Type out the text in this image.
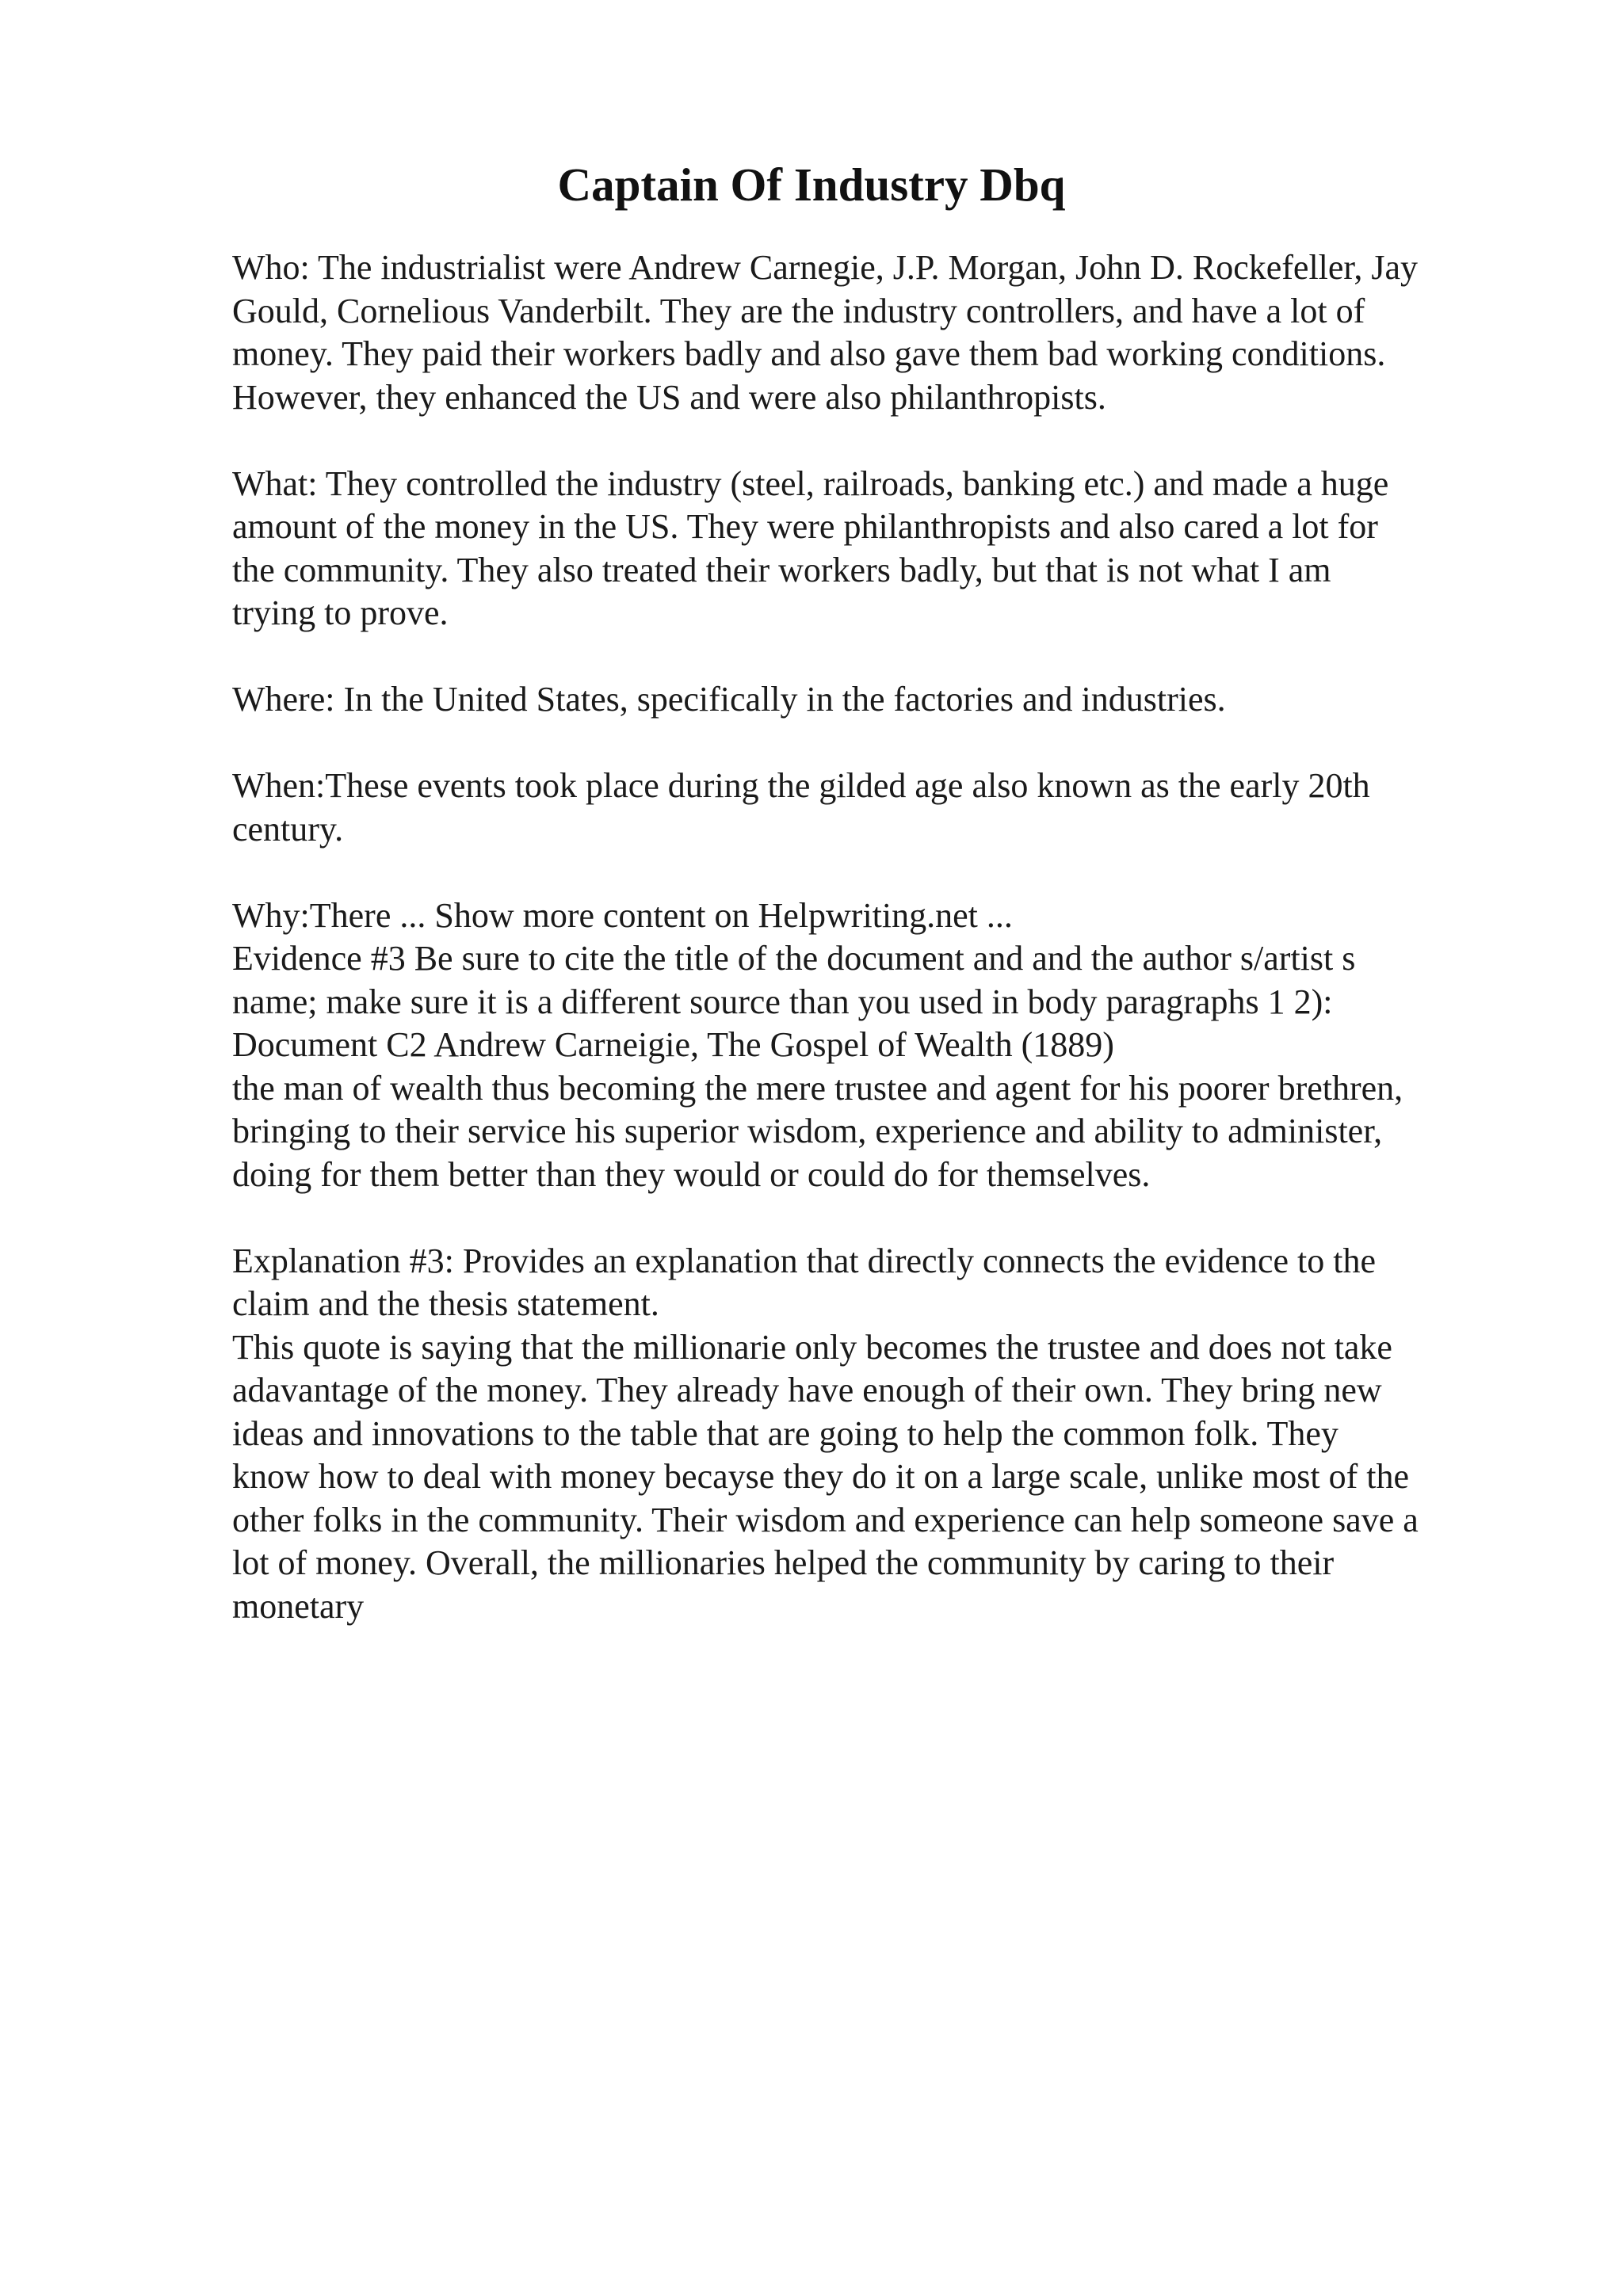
Captain Of Industry Dbq
Who: The industrialist were Andrew Carnegie, J.P. Morgan, John D. Rockefeller, Jay
Gould, Cornelious Vanderbilt. They are the industry controllers, and have a lot of
money. They paid their workers badly and also gave them bad working conditions.
However, they enhanced the US and were also philanthropists.
What: They controlled the industry (steel, railroads, banking etc.) and made a huge
amount of the money in the US. They were philanthropists and also cared a lot for
the community. They also treated their workers badly, but that is not what I am
trying to prove.
Where: In the United States, specifically in the factories and industries.
When:These events took place during the gilded age also known as the early 20th
century.
Why:There ... Show more content on Helpwriting.net ...
Evidence #3 Be sure to cite the title of the document and and the author s/artist s
name; make sure it is a different source than you used in body paragraphs 1 2):
Document C2 Andrew Carneigie, The Gospel of Wealth (1889)
the man of wealth thus becoming the mere trustee and agent for his poorer brethren,
bringing to their service his superior wisdom, experience and ability to administer,
doing for them better than they would or could do for themselves.
Explanation #3: Provides an explanation that directly connects the evidence to the
claim and the thesis statement.
This quote is saying that the millionarie only becomes the trustee and does not take
adavantage of the money. They already have enough of their own. They bring new
ideas and innovations to the table that are going to help the common folk. They
know how to deal with money becayse they do it on a large scale, unlike most of the
other folks in the community. Their wisdom and experience can help someone save a
lot of money. Overall, the millionaries helped the community by caring to their
monetary
